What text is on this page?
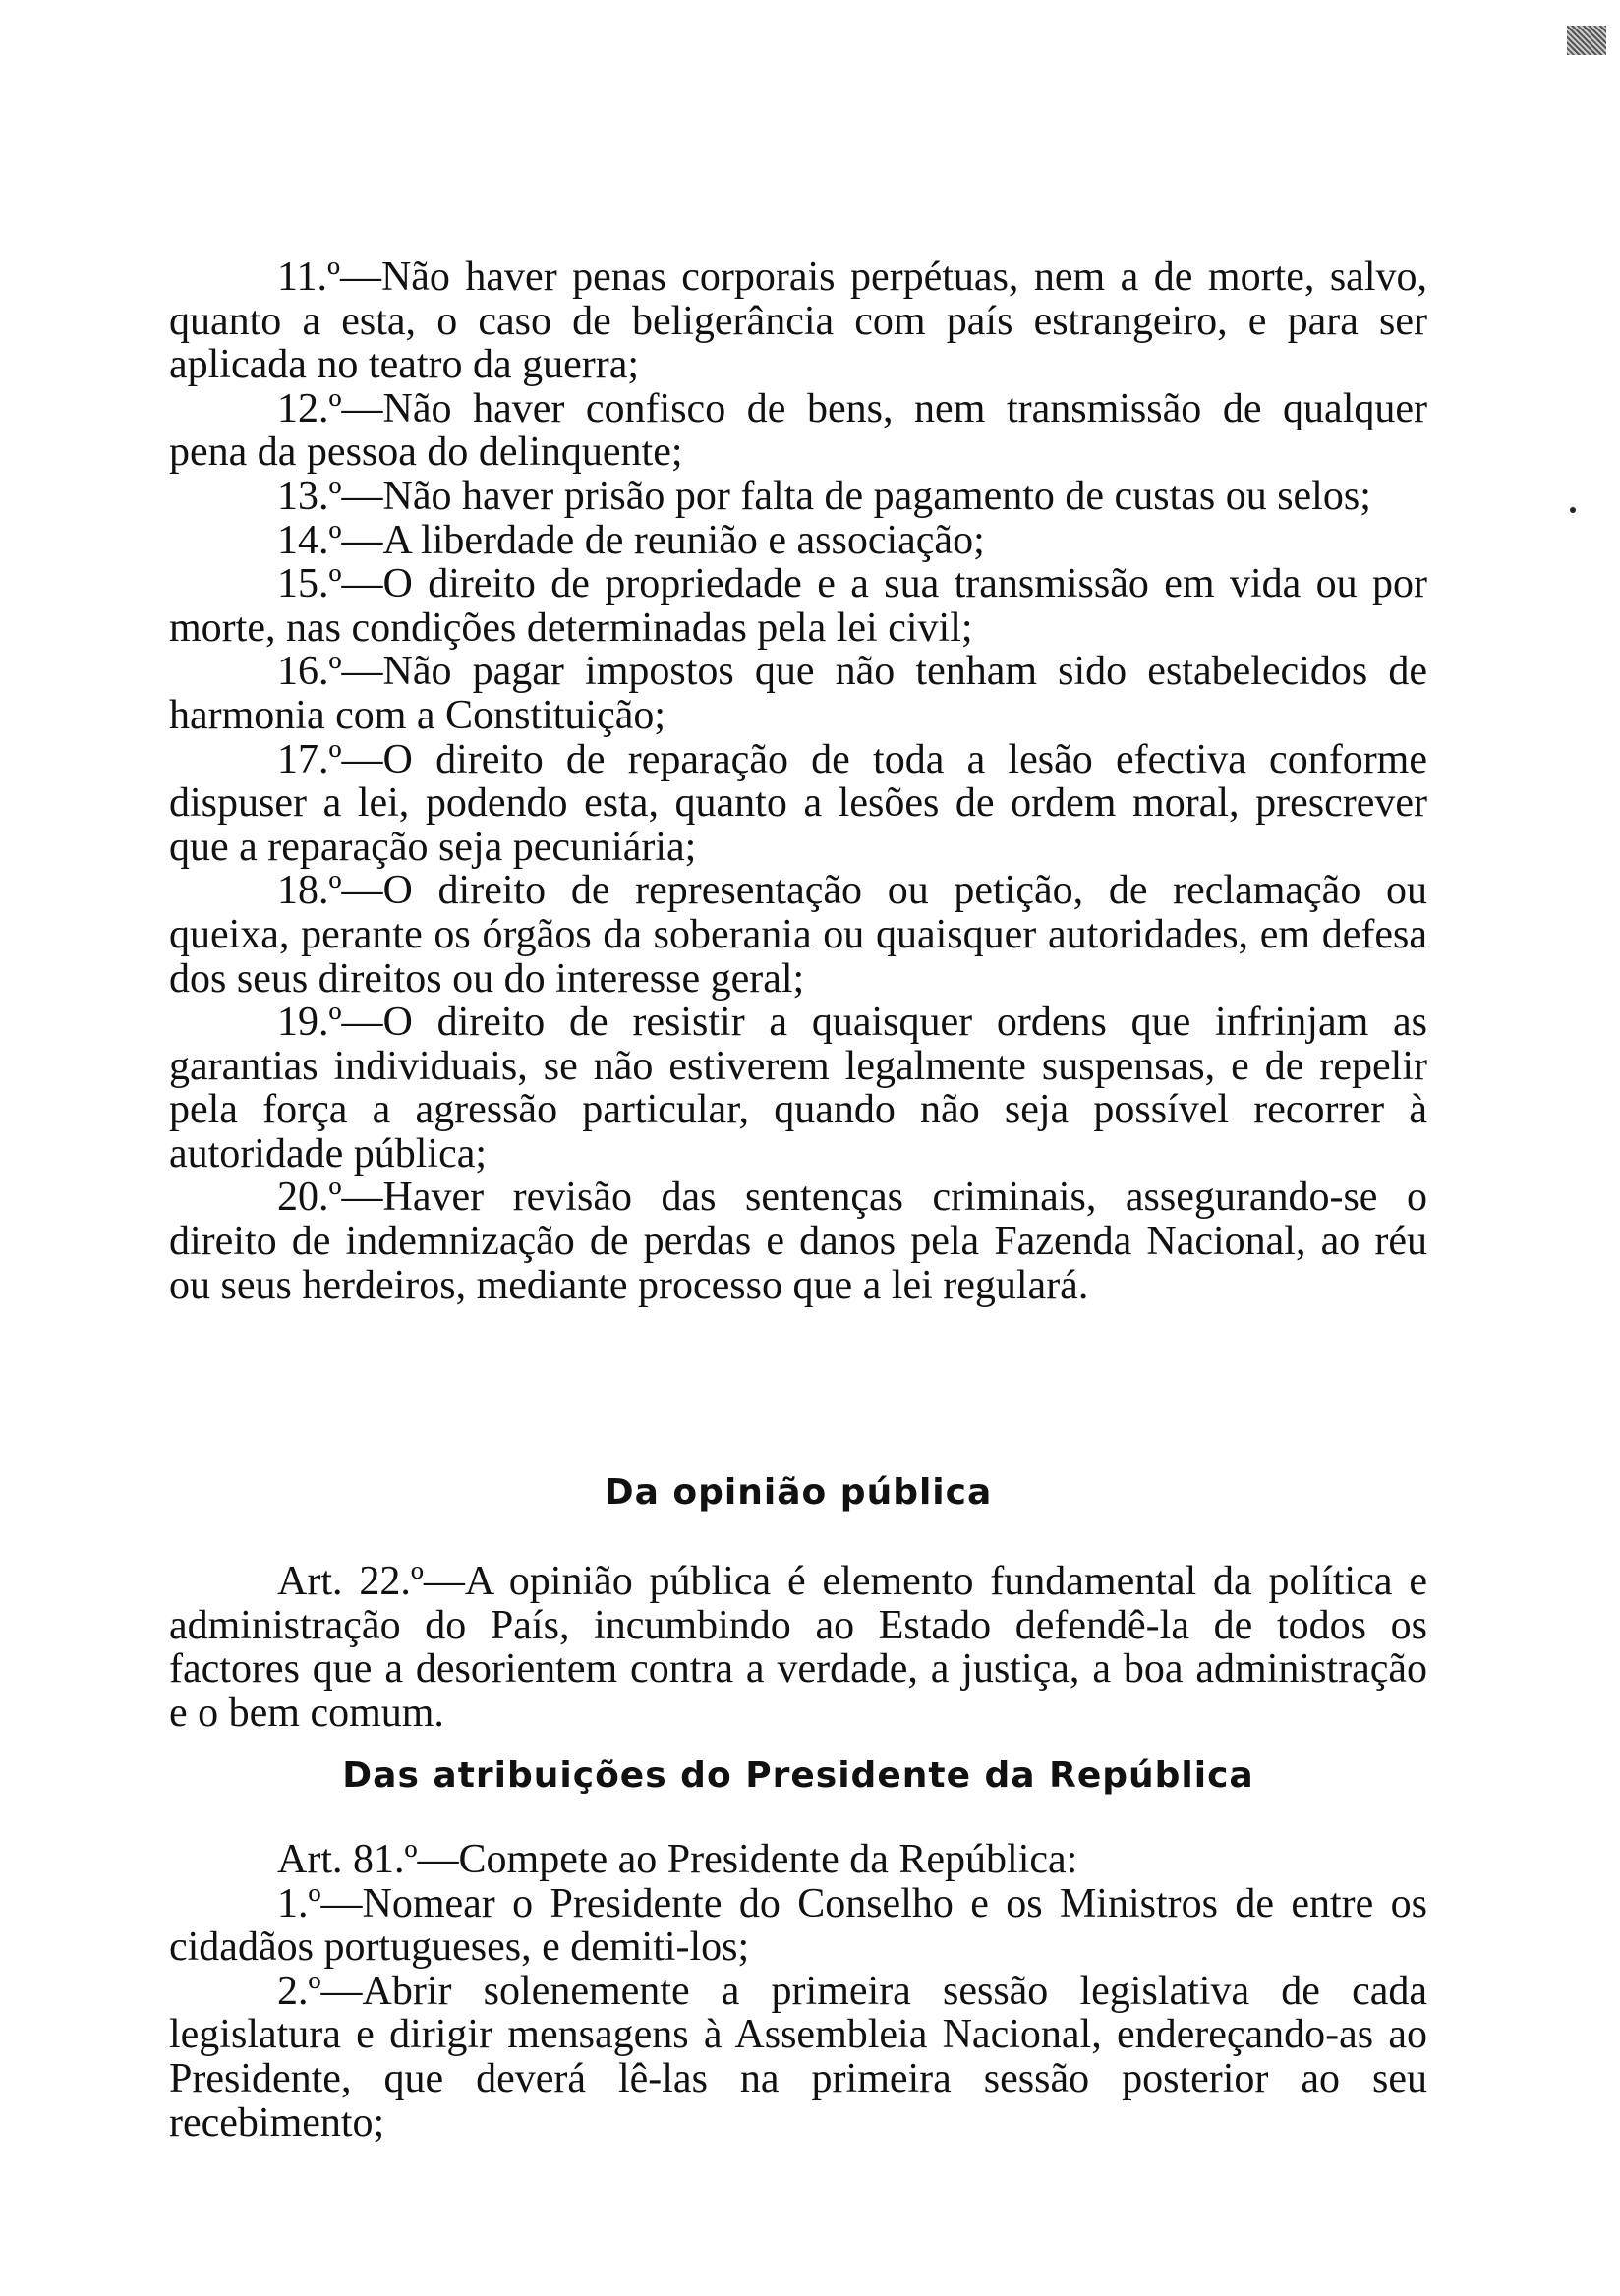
11.º—Não haver penas corporais perpétuas, nem a de morte, salvo, quanto a esta, o caso de beligerância com país estrangeiro, e para ser aplicada no teatro da guerra;

12.º—Não haver confisco de bens, nem transmissão de qualquer pena da pessoa do delinquente;

13.º—Não haver prisão por falta de pagamento de custas ou selos;

14.º—A liberdade de reunião e associação;

15.º—O direito de propriedade e a sua transmissão em vida ou por morte, nas condições determinadas pela lei civil;

16.º—Não pagar impostos que não tenham sido estabelecidos de harmonia com a Constituição;

17.º—O direito de reparação de toda a lesão efectiva conforme dispuser a lei, podendo esta, quanto a lesões de ordem moral, prescrever que a reparação seja pecuniária;

18.º—O direito de representação ou petição, de reclamação ou queixa, perante os órgãos da soberania ou quaisquer autoridades, em defesa dos seus direitos ou do interesse geral;

19.º—O direito de resistir a quaisquer ordens que infrinjam as garantias individuais, se não estiverem legalmente suspensas, e de repelir pela força a agressão particular, quando não seja possível recorrer à autoridade pública;

20.º—Haver revisão das sentenças criminais, assegurando-se o direito de indemnização de perdas e danos pela Fazenda Nacional, ao réu ou seus herdeiros, mediante processo que a lei regulará.

Da opinião pública

Art. 22.º—A opinião pública é elemento fundamental da política e administração do País, incumbindo ao Estado defendê-la de todos os factores que a desorientem contra a verdade, a justiça, a boa administração e o bem comum.

Das atribuições do Presidente da República

Art. 81.º—Compete ao Presidente da República:

1.º—Nomear o Presidente do Conselho e os Ministros de entre os cidadãos portugueses, e demiti-los;

2.º—Abrir solenemente a primeira sessão legislativa de cada legislatura e dirigir mensagens à Assembleia Nacional, endereçando-as ao Presidente, que deverá lê-las na primeira sessão posterior ao seu recebimento;
